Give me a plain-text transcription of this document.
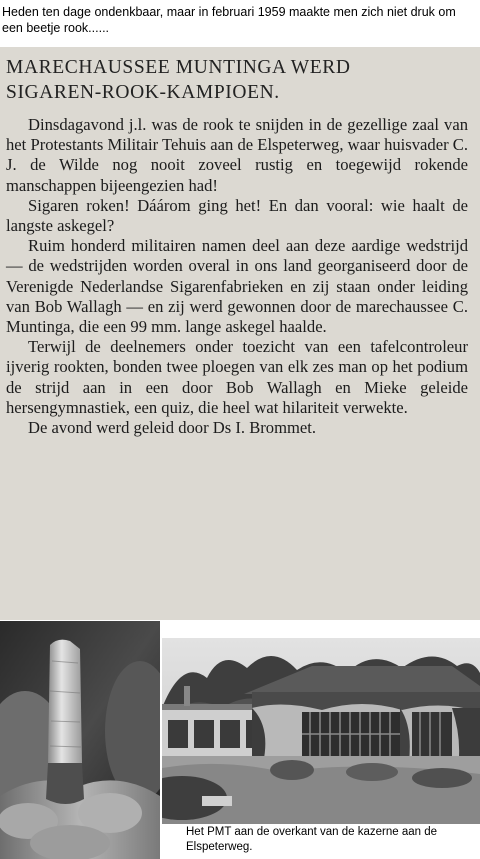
Heden ten dage ondenkbaar, maar in februari 1959 maakte men zich niet druk om een beetje rook......
MARECHAUSSEE MUNTINGA WERD
SIGAREN-ROOK-KAMPIOEN.

Dinsdagavond j.l. was de rook te snijden in de gezellige zaal van het Protestants Militair Tehuis aan de Elspeterweg, waar huisvader C. J. de Wilde nog nooit zoveel rustig en toegewijd rokende manschappen bijeengezien had!

Sigaren roken! Dáárom ging het! En dan vooral: wie haalt de langste askegel?

Ruim honderd militairen namen deel aan deze aardige wedstrijd — de wedstrijden worden overal in ons land georganiseerd door de Verenigde Nederlandse Sigarenfabrieken en zij staan onder leiding van Bob Wallagh — en zij werd gewonnen door de marechaussee C. Muntinga, die een 99 mm. lange askegel haalde.

Terwijl de deelnemers onder toezicht van een tafelcontroleur ijverig rookten, bonden twee ploegen van elk zes man op het podium de strijd aan in een door Bob Wallagh en Mieke geleide hersengymnastiek, een quiz, die heel wat hilariteit verwekte.

De avond werd geleid door Ds I. Brommet.

Het PMT aan de overkant van de kazerne aan de Elspeterweg.
